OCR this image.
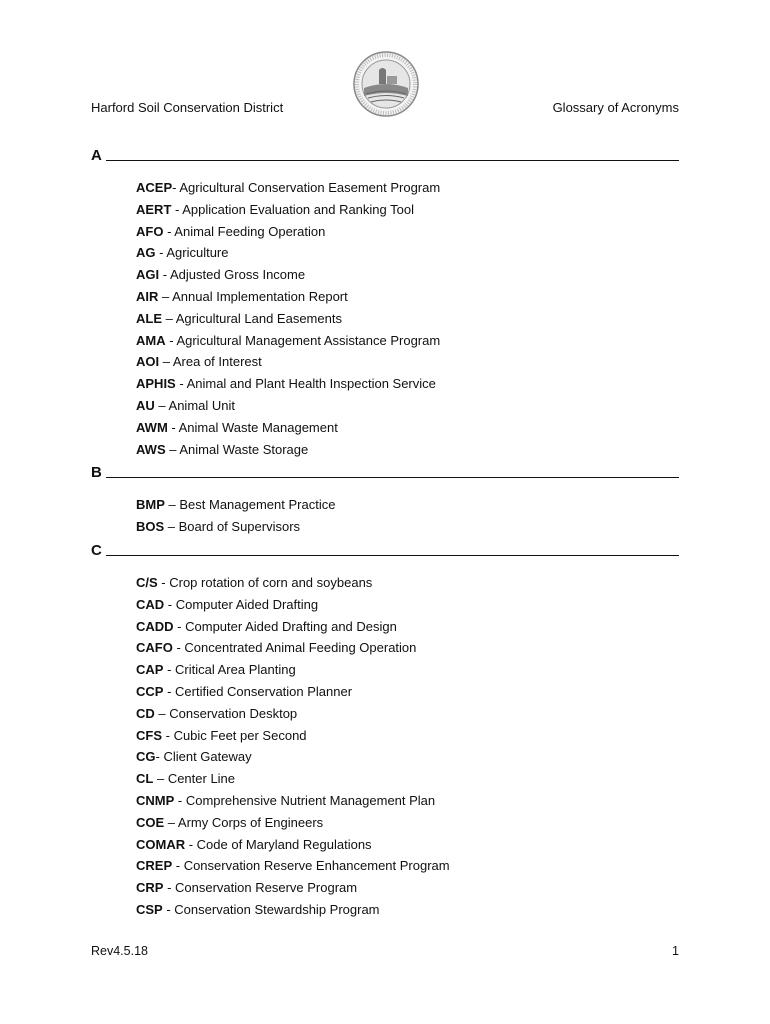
Harford Soil Conservation District	Glossary of Acronyms
A
ACEP- Agricultural Conservation Easement Program
AERT - Application Evaluation and Ranking Tool
AFO - Animal Feeding Operation
AG - Agriculture
AGI - Adjusted Gross Income
AIR – Annual Implementation Report
ALE – Agricultural Land Easements
AMA - Agricultural Management Assistance Program
AOI – Area of Interest
APHIS - Animal and Plant Health Inspection Service
AU – Animal Unit
AWM - Animal Waste Management
AWS – Animal Waste Storage
B
BMP – Best Management Practice
BOS – Board of Supervisors
C
C/S - Crop rotation of corn and soybeans
CAD - Computer Aided Drafting
CADD - Computer Aided Drafting and Design
CAFO - Concentrated Animal Feeding Operation
CAP - Critical Area Planting
CCP - Certified Conservation Planner
CD – Conservation Desktop
CFS - Cubic Feet per Second
CG- Client Gateway
CL – Center Line
CNMP - Comprehensive Nutrient Management Plan
COE – Army Corps of Engineers
COMAR - Code of Maryland Regulations
CREP - Conservation Reserve Enhancement Program
CRP - Conservation Reserve Program
CSP - Conservation Stewardship Program
Rev4.5.18	1
